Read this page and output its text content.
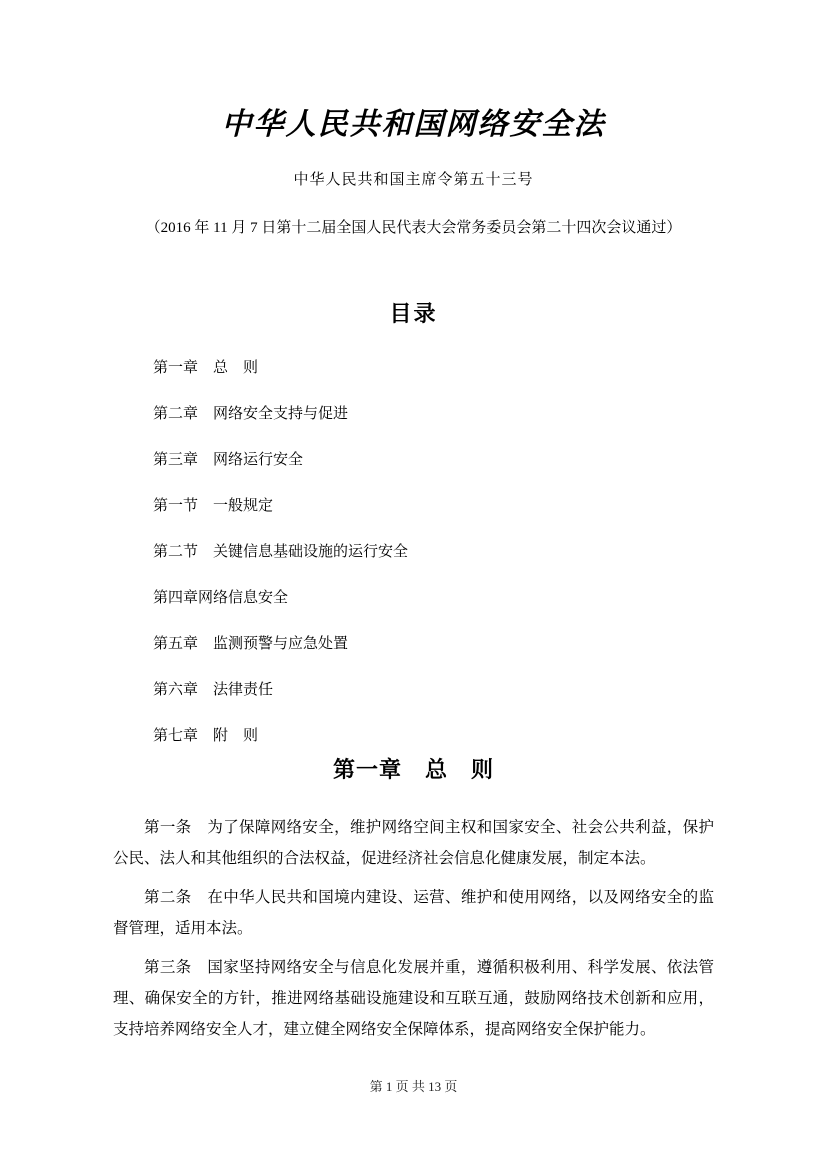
中华人民共和国网络安全法

中华人民共和国主席令第五十三号

（2016 年 11 月 7 日第十二届全国人民代表大会常务委员会第二十四次会议通过）

目录
第一章　总　则
第二章　网络安全支持与促进
第三章　网络运行安全
第一节　一般规定
第二节　关键信息基础设施的运行安全
第四章网络信息安全
第五章　监测预警与应急处置
第六章　法律责任
第七章　附　则
第一章　总　则

第一条　为了保障网络安全，维护网络空间主权和国家安全、社会公共利益，保护公民、法人和其他组织的合法权益，促进经济社会信息化健康发展，制定本法。

第二条　在中华人民共和国境内建设、运营、维护和使用网络，以及网络安全的监督管理，适用本法。

第三条　国家坚持网络安全与信息化发展并重，遵循积极利用、科学发展、依法管理、确保安全的方针，推进网络基础设施建设和互联互通，鼓励网络技术创新和应用，支持培养网络安全人才，建立健全网络安全保障体系，提高网络安全保护能力。

第 1 页 共 13 页
